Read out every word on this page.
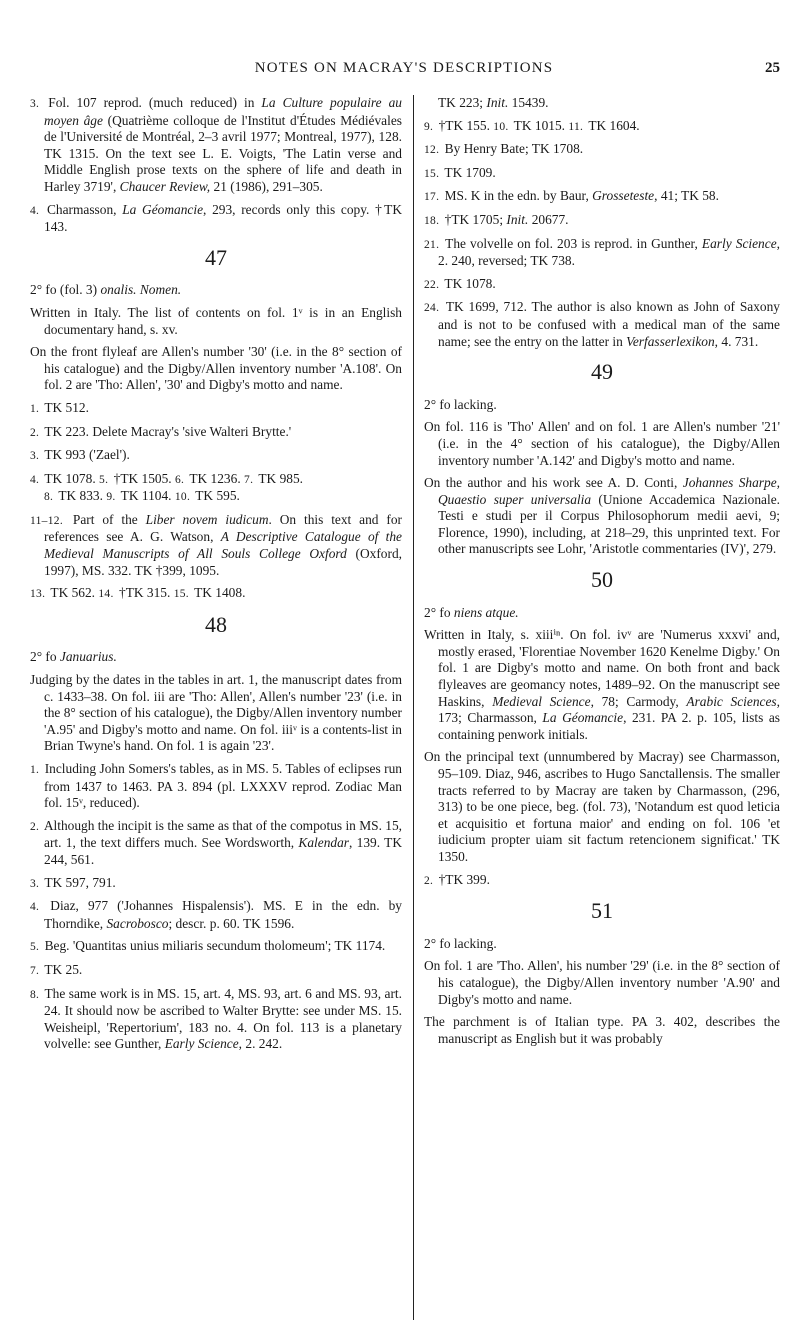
NOTES ON MACRAY'S DESCRIPTIONS	25

3. Fol. 107 reprod. (much reduced) in La Culture populaire au moyen âge (Quatrième colloque de l'Institut d'Études Médiévales de l'Université de Montréal, 2–3 avril 1977; Montreal, 1977), 128. TK 1315. On the text see L. E. Voigts, 'The Latin verse and Middle English prose texts on the sphere of life and death in Harley 3719', Chaucer Review, 21 (1986), 291–305.

4. Charmasson, La Géomancie, 293, records only this copy. †TK 143.

47

2° fo (fol. 3) onalis. Nomen.

Written in Italy. The list of contents on fol. 1ᵛ is in an English documentary hand, s. xv.

On the front flyleaf are Allen's number '30' (i.e. in the 8° section of his catalogue) and the Digby/Allen inventory number 'A.108'. On fol. 2 are 'Tho: Allen', '30' and Digby's motto and name.

1. TK 512.

2. TK 223. Delete Macray's 'sive Walteri Brytte.'

3. TK 993 ('Zael').

4. TK 1078. 5. †TK 1505. 6. TK 1236. 7. TK 985.
8. TK 833. 9. TK 1104. 10. TK 595.

11–12. Part of the Liber novem iudicum. On this text and for references see A. G. Watson, A Descriptive Catalogue of the Medieval Manuscripts of All Souls College Oxford (Oxford, 1997), MS. 332. TK †399, 1095.

13. TK 562. 14. †TK 315. 15. TK 1408.

48

2° fo Januarius.

Judging by the dates in the tables in art. 1, the manuscript dates from c. 1433–38. On fol. iii are 'Tho: Allen', Allen's number '23' (i.e. in the 8° section of his catalogue), the Digby/Allen inventory number 'A.95' and Digby's motto and name. On fol. iiiᵛ is a contents-list in Brian Twyne's hand. On fol. 1 is again '23'.

1. Including John Somers's tables, as in MS. 5. Tables of eclipses run from 1437 to 1463. PA 3. 894 (pl. LXXXV reprod. Zodiac Man fol. 15ᵛ, reduced).

2. Although the incipit is the same as that of the compotus in MS. 15, art. 1, the text differs much. See Wordsworth, Kalendar, 139. TK 244, 561.

3. TK 597, 791.

4. Diaz, 977 ('Johannes Hispalensis'). MS. E in the edn. by Thorndike, Sacrobosco; descr. p. 60. TK 1596.

5. Beg. 'Quantitas unius miliaris secundum tholomeum'; TK 1174.

7. TK 25.

8. The same work is in MS. 15, art. 4, MS. 93, art. 6 and MS. 93, art. 24. It should now be ascribed to Walter Brytte: see under MS. 15. Weisheipl, 'Repertorium', 183 no. 4. On fol. 113 is a planetary volvelle: see Gunther, Early Science, 2. 242.

TK 223; Init. 15439.

9. †TK 155. 10. TK 1015. 11. TK 1604.

12. By Henry Bate; TK 1708.

15. TK 1709.

17. MS. K in the edn. by Baur, Grosseteste, 41; TK 58.

18. †TK 1705; Init. 20677.

21. The volvelle on fol. 203 is reprod. in Gunther, Early Science, 2. 240, reversed; TK 738.

22. TK 1078.

24. TK 1699, 712. The author is also known as John of Saxony and is not to be confused with a medical man of the same name; see the entry on the latter in Verfasserlexikon, 4. 731.

49

2° fo lacking.

On fol. 116 is 'Tho' Allen' and on fol. 1 are Allen's number '21' (i.e. in the 4° section of his catalogue), the Digby/Allen inventory number 'A.142' and Digby's motto and name.

On the author and his work see A. D. Conti, Johannes Sharpe, Quaestio super universalia (Unione Accademica Nazionale. Testi e studi per il Corpus Philosophorum medii aevi, 9; Florence, 1990), including, at 218–29, this unprinted text. For other manuscripts see Lohr, 'Aristotle commentaries (IV)', 279.

50

2° fo niens atque.

Written in Italy, s. xiiiⁱⁿ. On fol. ivᵛ are 'Numerus xxxvi' and, mostly erased, 'Florentiae November 1620 Kenelme Digby.' On fol. 1 are Digby's motto and name. On both front and back flyleaves are geomancy notes, 1489–92. On the manuscript see Haskins, Medieval Science, 78; Carmody, Arabic Sciences, 173; Charmasson, La Géomancie, 231. PA 2. p. 105, lists as containing penwork initials.

On the principal text (unnumbered by Macray) see Charmasson, 95–109. Diaz, 946, ascribes to Hugo Sanctallensis. The smaller tracts referred to by Macray are taken by Charmasson, (296, 313) to be one piece, beg. (fol. 73), 'Notandum est quod leticia et acquisitio et fortuna maior' and ending on fol. 106 'et iudicium propter uiam sit factum retencionem significat.' TK 1350.

2. †TK 399.

51

2° fo lacking.

On fol. 1 are 'Tho. Allen', his number '29' (i.e. in the 8° section of his catalogue), the Digby/Allen inventory number 'A.90' and Digby's motto and name.

The parchment is of Italian type. PA 3. 402, describes the manuscript as English but it was probably
